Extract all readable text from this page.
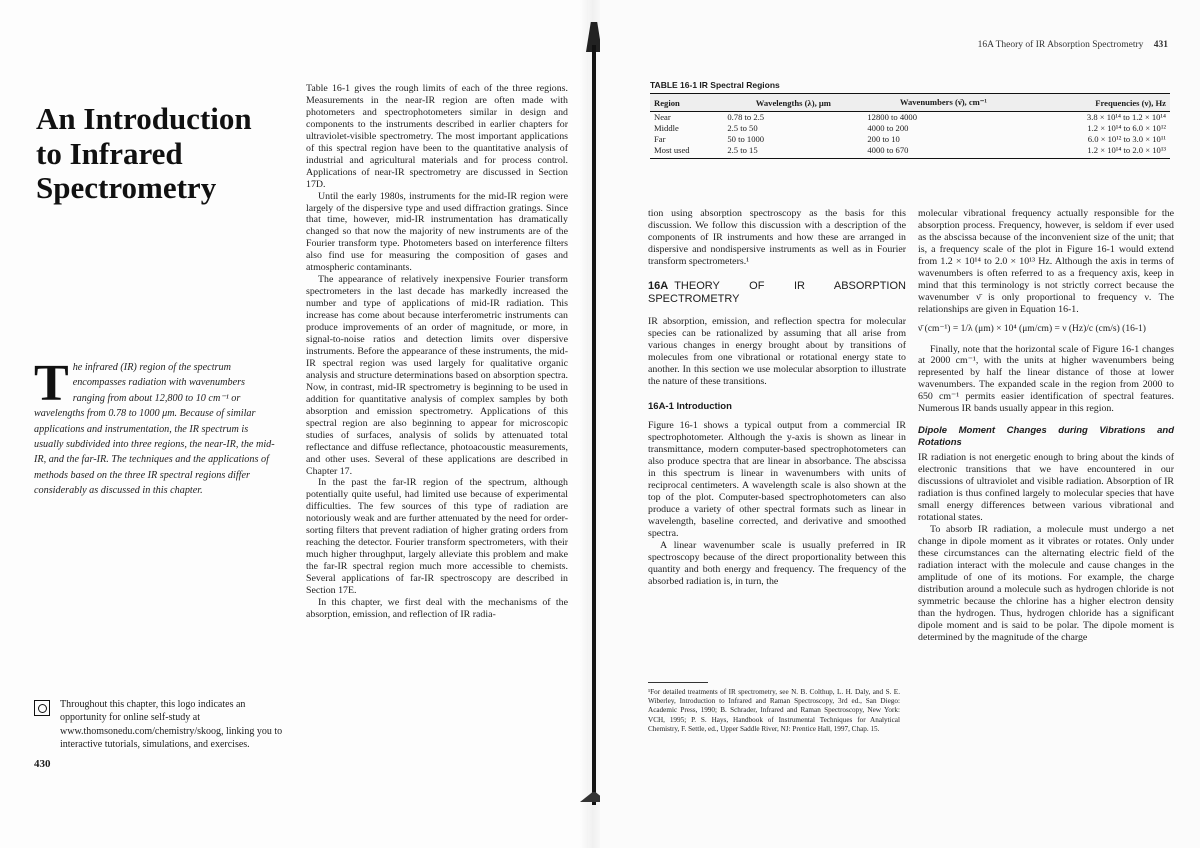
An Introduction to Infrared Spectrometry

The infrared (IR) region of the spectrum encompasses radiation with wavenumbers ranging from about 12,800 to 10 cm⁻¹ or wavelengths from 0.78 to 1000 μm. Because of similar applications and instrumentation, the IR spectrum is usually subdivided into three regions, the near-IR, the mid-IR, and the far-IR. The techniques and the applications of methods based on the three IR spectral regions differ considerably as discussed in this chapter.

Throughout this chapter, this logo indicates an opportunity for online self-study at www.thomsonedu.com/chemistry/skoog, linking you to interactive tutorials, simulations, and exercises.

430

Table 16-1 gives the rough limits of each of the three regions. Measurements in the near-IR region are often made with photometers and spectrophotometers similar in design and components to the instruments described in earlier chapters for ultraviolet-visible spectrometry. The most important applications of this spectral region have been to the quantitative analysis of industrial and agricultural materials and for process control. Applications of near-IR spectrometry are discussed in Section 17D.

Until the early 1980s, instruments for the mid-IR region were largely of the dispersive type and used diffraction gratings. Since that time, however, mid-IR instrumentation has dramatically changed so that now the majority of new instruments are of the Fourier transform type. Photometers based on interference filters also find use for measuring the composition of gases and atmospheric contaminants.

The appearance of relatively inexpensive Fourier transform spectrometers in the last decade has markedly increased the number and type of applications of mid-IR radiation. This increase has come about because interferometric instruments can produce improvements of an order of magnitude, or more, in signal-to-noise ratios and detection limits over dispersive instruments. Before the appearance of these instruments, the mid-IR spectral region was used largely for qualitative organic analysis and structure determinations based on absorption spectra. Now, in contrast, mid-IR spectrometry is beginning to be used in addition for quantitative analysis of complex samples by both absorption and emission spectrometry. Applications of this spectral region are also beginning to appear for microscopic studies of surfaces, analysis of solids by attenuated total reflectance and diffuse reflectance, photoacoustic measurements, and other uses. Several of these applications are described in Chapter 17.

In the past the far-IR region of the spectrum, although potentially quite useful, had limited use because of experimental difficulties. The few sources of this type of radiation are notoriously weak and are further attenuated by the need for order-sorting filters that prevent radiation of higher grating orders from reaching the detector. Fourier transform spectrometers, with their much higher throughput, largely alleviate this problem and make the far-IR spectral region much more accessible to chemists. Several applications of far-IR spectroscopy are described in Section 17E.

In this chapter, we first deal with the mechanisms of the absorption, emission, and reflection of IR radia-

16A Theory of IR Absorption Spectrometry 431
TABLE 16-1 IR Spectral Regions
Region	Wavelengths (λ), μm	Wavenumbers (ν̄), cm⁻¹	Frequencies (ν), Hz
Near	0.78 to 2.5	12800 to 4000	3.8 × 10¹⁴ to 1.2 × 10¹⁴
Middle	2.5 to 50	4000 to 200	1.2 × 10¹⁴ to 6.0 × 10¹²
Far	50 to 1000	200 to 10	6.0 × 10¹² to 3.0 × 10¹¹
Most used	2.5 to 15	4000 to 670	1.2 × 10¹⁴ to 2.0 × 10¹³

tion using absorption spectroscopy as the basis for this discussion. We follow this discussion with a description of the components of IR instruments and how these are arranged in dispersive and nondispersive instruments as well as in Fourier transform spectrometers.¹

16A THEORY OF IR ABSORPTION SPECTROMETRY

IR absorption, emission, and reflection spectra for molecular species can be rationalized by assuming that all arise from various changes in energy brought about by transitions of molecules from one vibrational or rotational energy state to another. In this section we use molecular absorption to illustrate the nature of these transitions.

16A-1 Introduction

Figure 16-1 shows a typical output from a commercial IR spectrophotometer. Although the y-axis is shown as linear in transmittance, modern computer-based spectrophotometers can also produce spectra that are linear in absorbance. The abscissa in this spectrum is linear in wavenumbers with units of reciprocal centimeters. A wavelength scale is also shown at the top of the plot. Computer-based spectrophotometers can also produce a variety of other spectral formats such as linear in wavelength, baseline corrected, and derivative and smoothed spectra.

A linear wavenumber scale is usually preferred in IR spectroscopy because of the direct proportionality between this quantity and both energy and frequency. The frequency of the absorbed radiation is, in turn, the

¹For detailed treatments of IR spectrometry, see N. B. Colthup, L. H. Daly, and S. E. Wiberley, Introduction to Infrared and Raman Spectroscopy, 3rd ed., San Diego: Academic Press, 1990; B. Schrader, Infrared and Raman Spectroscopy, New York: VCH, 1995; P. S. Hays, Handbook of Instrumental Techniques for Analytical Chemistry, F. Settle, ed., Upper Saddle River, NJ: Prentice Hall, 1997, Chap. 15.

molecular vibrational frequency actually responsible for the absorption process. Frequency, however, is seldom if ever used as the abscissa because of the inconvenient size of the unit; that is, a frequency scale of the plot in Figure 16-1 would extend from 1.2 × 10¹⁴ to 2.0 × 10¹³ Hz. Although the axis in terms of wavenumbers is often referred to as a frequency axis, keep in mind that this terminology is not strictly correct because the wavenumber ν̄ is only proportional to frequency ν. The relationships are given in Equation 16-1.

ν̄ (cm⁻¹) = 1/λ (μm) × 10⁴ (μm/cm) = ν (Hz)/c (cm/s) (16-1)

Finally, note that the horizontal scale of Figure 16-1 changes at 2000 cm⁻¹, with the units at higher wavenumbers being represented by half the linear distance of those at lower wavenumbers. The expanded scale in the region from 2000 to 650 cm⁻¹ permits easier identification of spectral features. Numerous IR bands usually appear in this region.

Dipole Moment Changes during Vibrations and Rotations

IR radiation is not energetic enough to bring about the kinds of electronic transitions that we have encountered in our discussions of ultraviolet and visible radiation. Absorption of IR radiation is thus confined largely to molecular species that have small energy differences between various vibrational and rotational states.

To absorb IR radiation, a molecule must undergo a net change in dipole moment as it vibrates or rotates. Only under these circumstances can the alternating electric field of the radiation interact with the molecule and cause changes in the amplitude of one of its motions. For example, the charge distribution around a molecule such as hydrogen chloride is not symmetric because the chlorine has a higher electron density than the hydrogen. Thus, hydrogen chloride has a significant dipole moment and is said to be polar. The dipole moment is determined by the magnitude of the charge
